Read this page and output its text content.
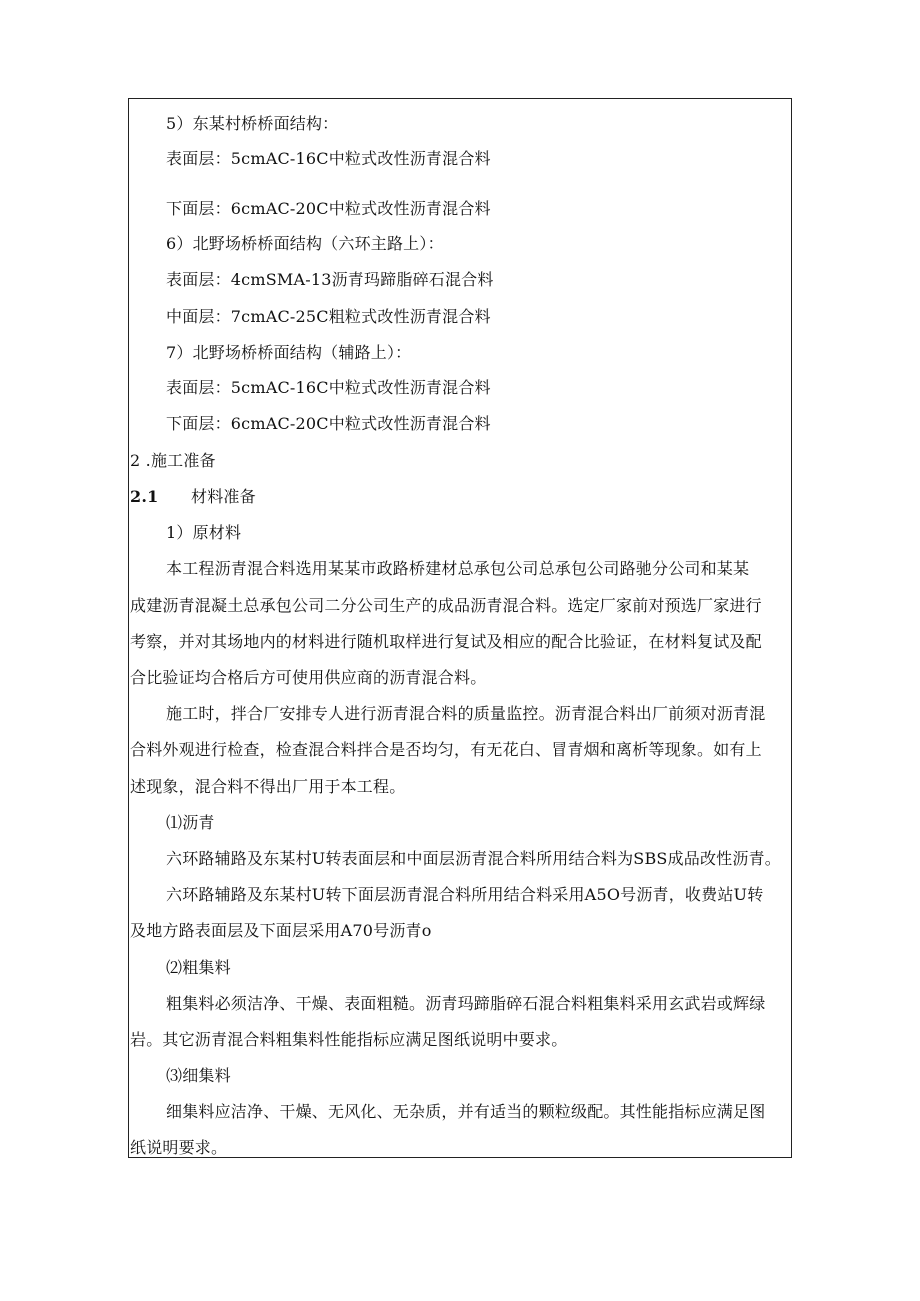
5）东某村桥桥面结构：
表面层：5cmAC-16C中粒式改性沥青混合料
下面层：6cmAC-20C中粒式改性沥青混合料
6）北野场桥桥面结构（六环主路上）：
表面层：4cmSMA-13沥青玛蹄脂碎石混合料
中面层：7cmAC-25C粗粒式改性沥青混合料
7）北野场桥桥面结构（辅路上）：
表面层：5cmAC-16C中粒式改性沥青混合料
下面层：6cmAC-20C中粒式改性沥青混合料
2 .施工准备
2.1 材料准备
1）原材料
本工程沥青混合料选用某某市政路桥建材总承包公司总承包公司路驰分公司和某某
成建沥青混凝土总承包公司二分公司生产的成品沥青混合料。选定厂家前对预选厂家进行
考察，并对其场地内的材料进行随机取样进行复试及相应的配合比验证，在材料复试及配
合比验证均合格后方可使用供应商的沥青混合料。
施工时，拌合厂安排专人进行沥青混合料的质量监控。沥青混合料出厂前须对沥青混
合料外观进行检查，检查混合料拌合是否均匀，有无花白、冒青烟和离析等现象。如有上
述现象，混合料不得出厂用于本工程。
⑴沥青
六环路辅路及东某村U转表面层和中面层沥青混合料所用结合料为SBS成品改性沥青。
六环路辅路及东某村U转下面层沥青混合料所用结合料采用A5O号沥青，收费站U转
及地方路表面层及下面层采用A70号沥青o
⑵粗集料
粗集料必须洁净、干燥、表面粗糙。沥青玛蹄脂碎石混合料粗集料采用玄武岩或辉绿
岩。其它沥青混合料粗集料性能指标应满足图纸说明中要求。
⑶细集料
细集料应洁净、干燥、无风化、无杂质，并有适当的颗粒级配。其性能指标应满足图
纸说明要求。
